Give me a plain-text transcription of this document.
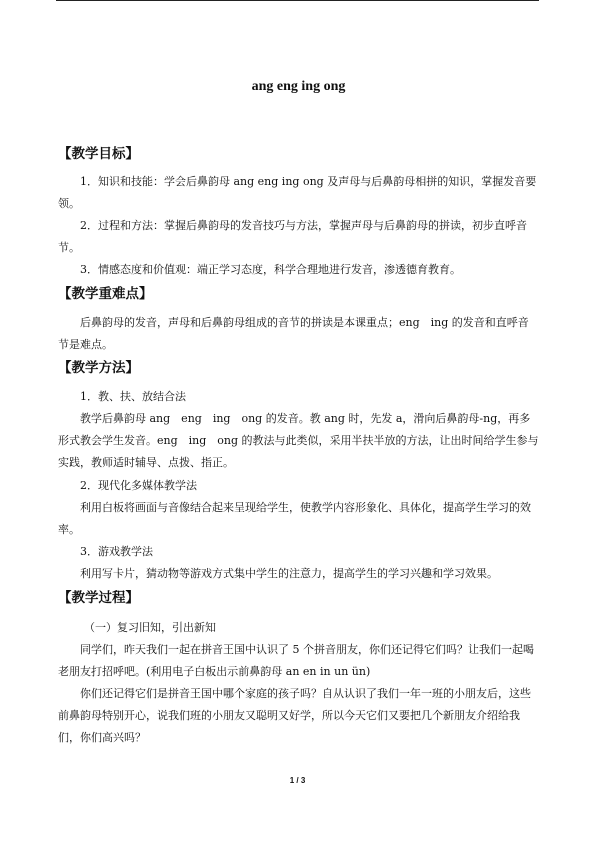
ang eng ing ong
【教学目标】
1．知识和技能：学会后鼻韵母 ang eng ing ong 及声母与后鼻韵母相拼的知识，掌握发音要领。
2．过程和方法：掌握后鼻韵母的发音技巧与方法，掌握声母与后鼻韵母的拼读，初步直呼音节。
3．情感态度和价值观：端正学习态度，科学合理地进行发音，渗透德育教育。
【教学重难点】
后鼻韵母的发音，声母和后鼻韵母组成的音节的拼读是本课重点；eng　ing 的发音和直呼音节是难点。
【教学方法】
1．教、扶、放结合法
教学后鼻韵母 ang　eng　ing　ong 的发音。教 ang 时，先发 a，滑向后鼻韵母-ng，再多形式教会学生发音。eng　ing　ong 的教法与此类似，采用半扶半放的方法，让出时间给学生参与实践，教师适时辅导、点拨、指正。
2．现代化多媒体教学法
利用白板将画面与音像结合起来呈现给学生，使教学内容形象化、具体化，提高学生学习的效率。
3．游戏教学法
利用写卡片，猜动物等游戏方式集中学生的注意力，提高学生的学习兴趣和学习效果。
【教学过程】
（一）复习旧知，引出新知
同学们，昨天我们一起在拼音王国中认识了 5 个拼音朋友，你们还记得它们吗？让我们一起喝老朋友打招呼吧。(利用电子白板出示前鼻韵母 an en in un ün)
你们还记得它们是拼音王国中哪个家庭的孩子吗？自从认识了我们一年一班的小朋友后，这些前鼻韵母特别开心，说我们班的小朋友又聪明又好学，所以今天它们又要把几个新朋友介绍给我们，你们高兴吗？
1 / 3
